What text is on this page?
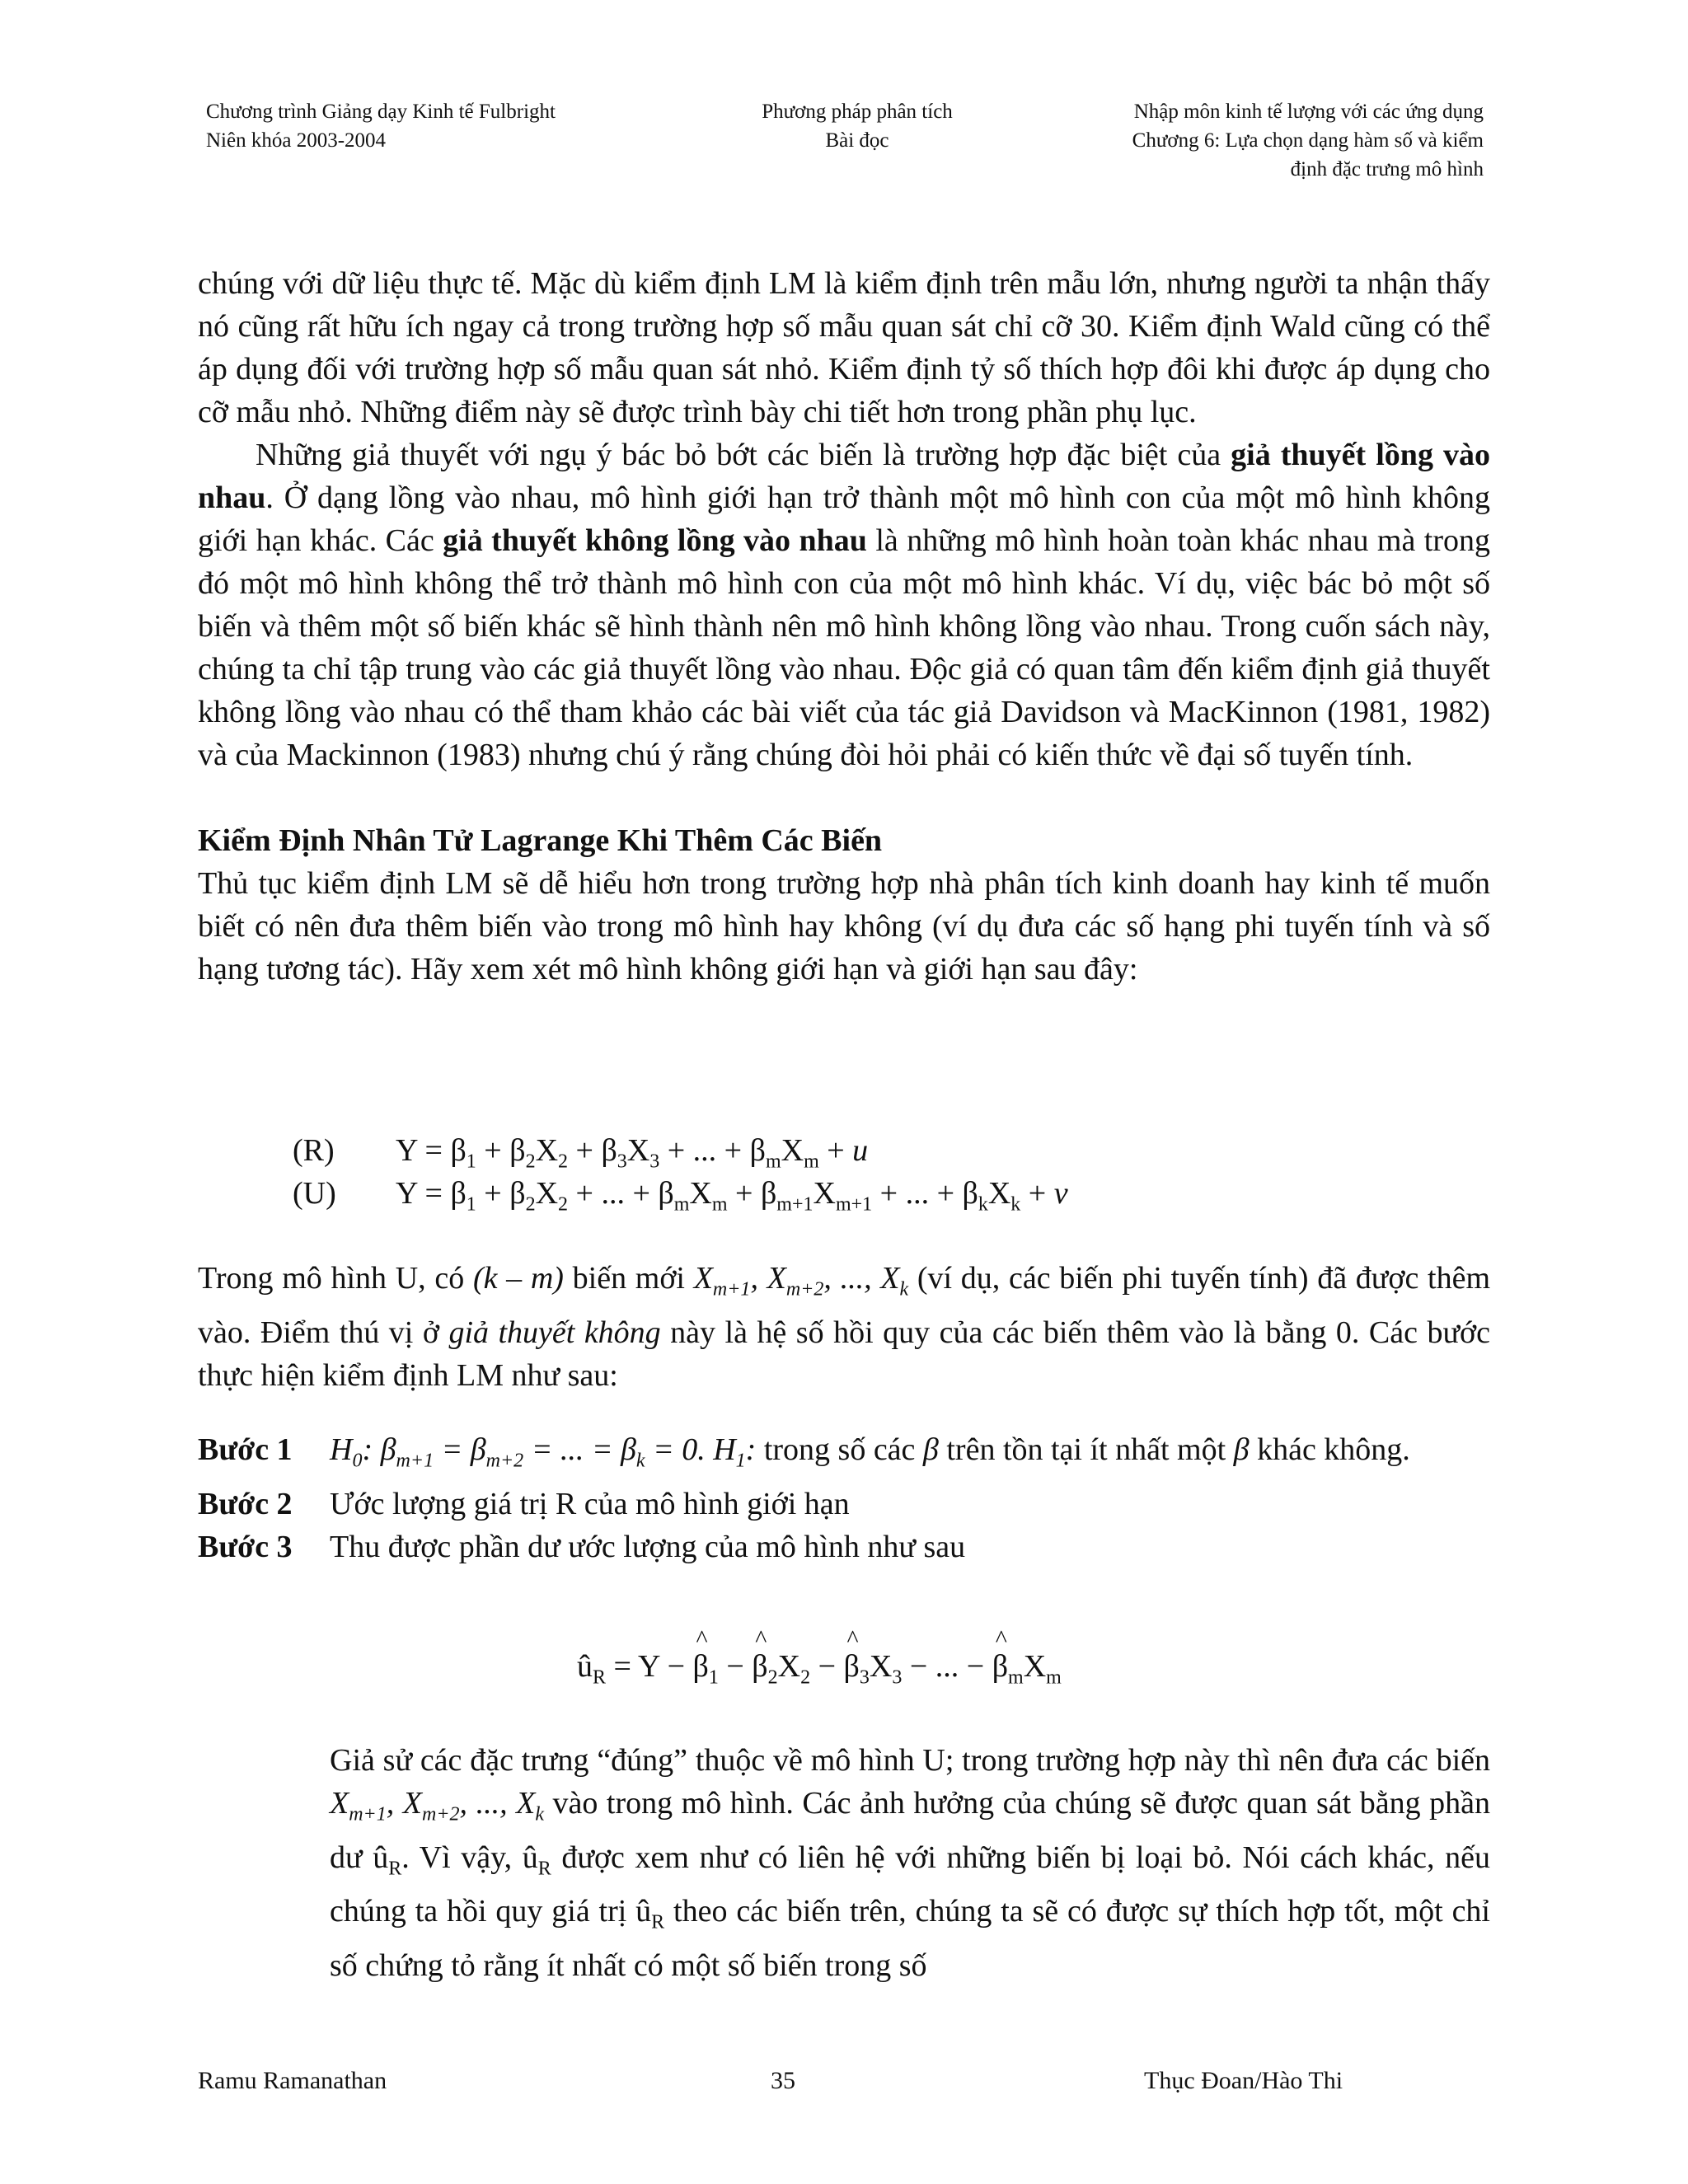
Chương trình Giảng dạy Kinh tế Fulbright
Niên khóa 2003-2004
Phương pháp phân tích
Bài đọc
Nhập môn kinh tế lượng với các ứng dụng
Chương 6: Lựa chọn dạng hàm số và kiểm
định đặc trưng mô hình

chúng với dữ liệu thực tế. Mặc dù kiểm định LM là kiểm định trên mẫu lớn, nhưng người ta nhận thấy nó cũng rất hữu ích ngay cả trong trường hợp số mẫu quan sát chỉ cỡ 30. Kiểm định Wald cũng có thể áp dụng đối với trường hợp số mẫu quan sát nhỏ. Kiểm định tỷ số thích hợp đôi khi được áp dụng cho cỡ mẫu nhỏ. Những điểm này sẽ được trình bày chi tiết hơn trong phần phụ lục.

Những giả thuyết với ngụ ý bác bỏ bớt các biến là trường hợp đặc biệt của giả thuyết lồng vào nhau. Ở dạng lồng vào nhau, mô hình giới hạn trở thành một mô hình con của một mô hình không giới hạn khác. Các giả thuyết không lồng vào nhau là những mô hình hoàn toàn khác nhau mà trong đó một mô hình không thể trở thành mô hình con của một mô hình khác. Ví dụ, việc bác bỏ một số biến và thêm một số biến khác sẽ hình thành nên mô hình không lồng vào nhau. Trong cuốn sách này, chúng ta chỉ tập trung vào các giả thuyết lồng vào nhau. Độc giả có quan tâm đến kiểm định giả thuyết không lồng vào nhau có thể tham khảo các bài viết của tác giả Davidson và MacKinnon (1981, 1982) và của Mackinnon (1983) nhưng chú ý rằng chúng đòi hỏi phải có kiến thức về đại số tuyến tính.

Kiểm Định Nhân Tử Lagrange Khi Thêm Các Biến

Thủ tục kiểm định LM sẽ dễ hiểu hơn trong trường hợp nhà phân tích kinh doanh hay kinh tế muốn biết có nên đưa thêm biến vào trong mô hình hay không (ví dụ đưa các số hạng phi tuyến tính và số hạng tương tác). Hãy xem xét mô hình không giới hạn và giới hạn sau đây:

(R) $Y = \beta_1 + \beta_2X_2 + \beta_3X_3$ + ... + $\beta_mX_m + u$
(U) $Y = \beta_1 + \beta_2X_2$ + ... + $\beta_mX_m + \beta_{m+1}X_{m+1}$ + ... + $\beta_kX_k + v$

Trong mô hình U, có (k – m) biến mới $X_{m+1}$, $X_{m+2}$, ..., $X_k$ (ví dụ, các biến phi tuyến tính) đã được thêm vào. Điểm thú vị ở giả thuyết không này là hệ số hồi quy của các biến thêm vào là bằng 0. Các bước thực hiện kiểm định LM như sau:

Bước 1	$H_0$: $\beta_{m+1} = \beta_{m+2}$ = ... = $\beta_k = 0$. $H_1$: trong số các β trên tồn tại ít nhất một β khác không.
Bước 2	Ước lượng giá trị R của mô hình giới hạn
Bước 3	Thu được phần dư ước lượng của mô hình như sau
$û_R = Y$ − ^ $\beta_1$ − ^ $\beta_2X_2$ − ^ $\beta_3X_3$ − ... − ^ $\beta_mX_m$
Giả sử các đặc trưng “đúng” thuộc về mô hình U; trong trường hợp này thì nên đưa các biến $X_{m+1}$, $X_{m+2}$, ..., $X_k$ vào trong mô hình. Các ảnh hưởng của chúng sẽ được quan sát bằng phần dư $û_R$. Vì vậy, $û_R$ được xem như có liên hệ với những biến bị loại bỏ. Nói cách khác, nếu chúng ta hồi quy giá trị $û_R$ theo các biến trên, chúng ta sẽ có được sự thích hợp tốt, một chỉ số chứng tỏ rằng ít nhất có một số biến trong số
Ramu Ramanathan	35	Thục Đoan/Hào Thi
